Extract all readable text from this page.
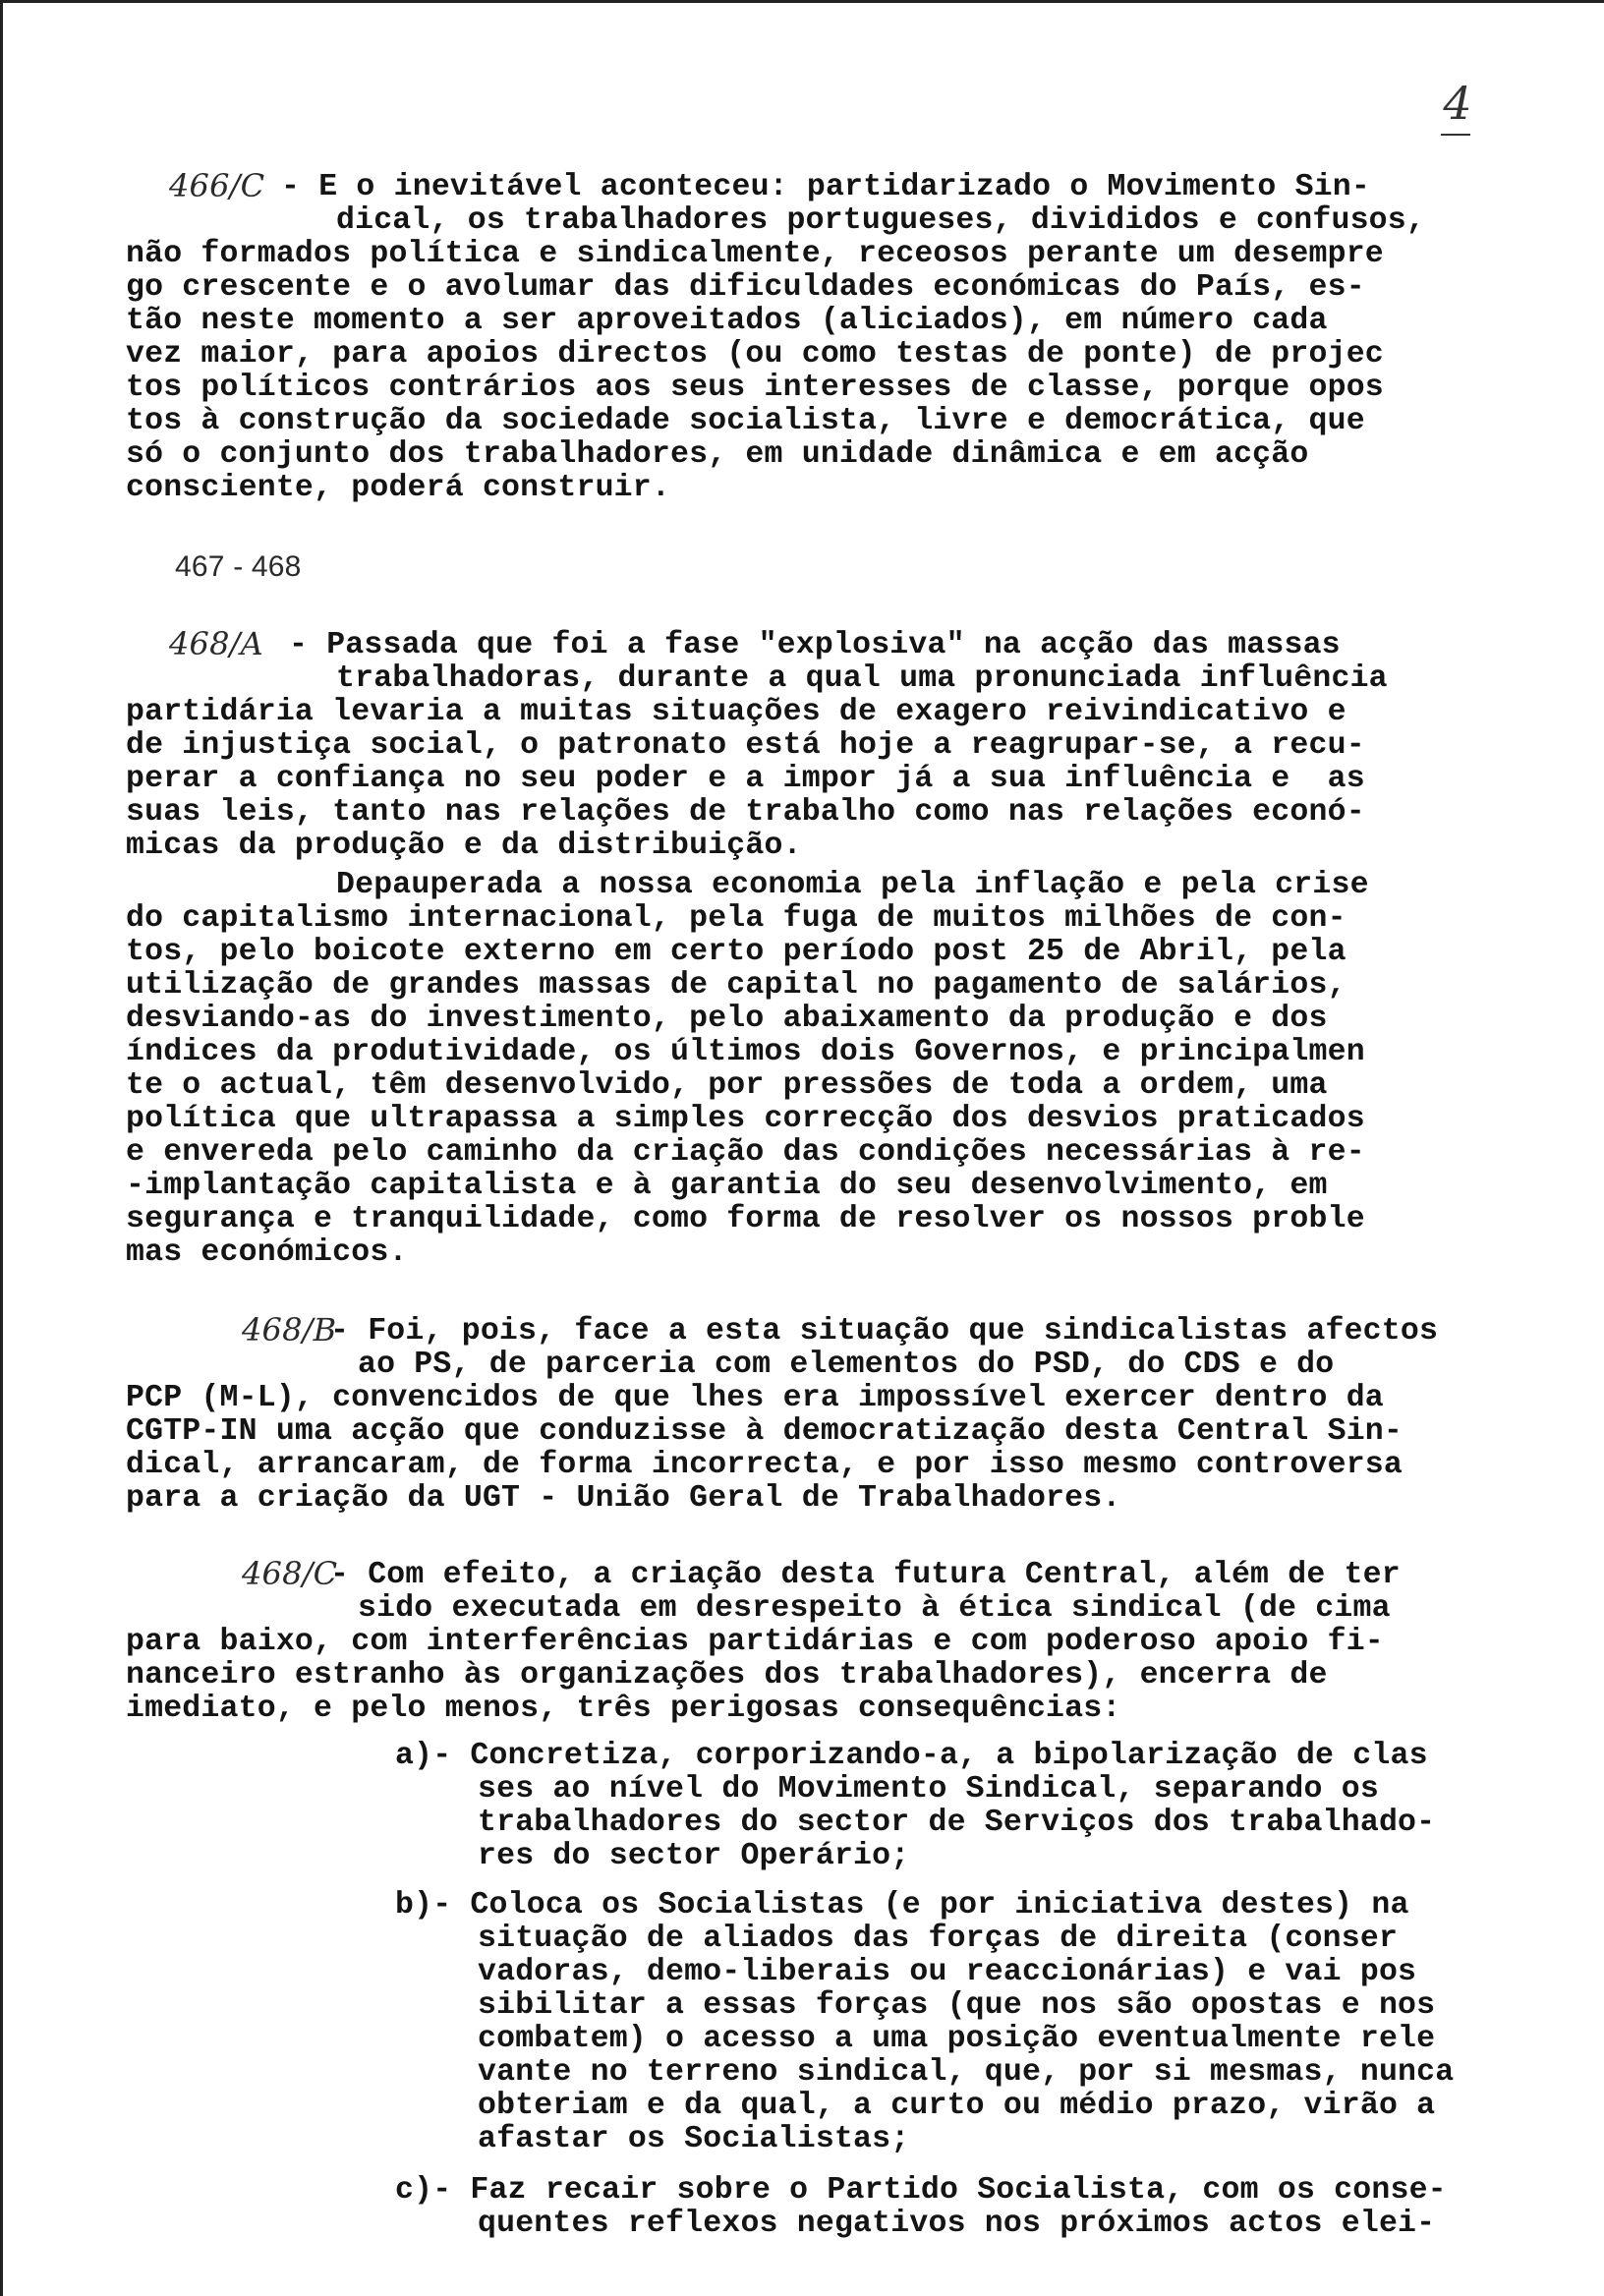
4
466/C - E o inevitável aconteceu: partidarizado o Movimento Sin-
dical, os trabalhadores portugueses, divididos e confusos,
não formados política e sindicalmente, receosos perante um desempre
go crescente e o avolumar das dificuldades económicas do País, es-
tão neste momento a ser aproveitados (aliciados), em número cada
vez maior, para apoios directos (ou como testas de ponte) de projec
tos políticos contrários aos seus interesses de classe, porque opos
tos à construção da sociedade socialista, livre e democrática, que
só o conjunto dos trabalhadores, em unidade dinâmica e em acção
consciente, poderá construir.
467 - 468
468/A - Passada que foi a fase "explosiva" na acção das massas
trabalhadoras, durante a qual uma pronunciada influência
partidária levaria a muitas situações de exagero reivindicativo e
de injustiça social, o patronato está hoje a reagrupar-se, a recu-
perar a confiança no seu poder e a impor já a sua influência e  as
suas leis, tanto nas relações de trabalho como nas relações econó-
micas da produção e da distribuição.
Depauperada a nossa economia pela inflação e pela crise
do capitalismo internacional, pela fuga de muitos milhões de con-
tos, pelo boicote externo em certo período post 25 de Abril, pela
utilização de grandes massas de capital no pagamento de salários,
desviando-as do investimento, pelo abaixamento da produção e dos
índices da produtividade, os últimos dois Governos, e principalmen
te o actual, têm desenvolvido, por pressões de toda a ordem, uma
política que ultrapassa a simples correcção dos desvios praticados
e enveredа pelo caminho da criação das condições necessárias à re-
-implantação capitalista e à garantia do seu desenvolvimento, em
segurança e tranquilidade, como forma de resolver os nossos proble
mas económicos.
468/B
- Foi, pois, face a esta situação que sindicalistas afectos
ao PS, de parceria com elementos do PSD, do CDS e do
PCP (M-L), convencidos de que lhes era impossível exercer dentro da
CGTP-IN uma acção que conduzisse à democratização desta Central Sin-
dical, arrancaram, de forma incorrecta, e por isso mesmo controversa
para a criação da UGT - União Geral de Trabalhadores.
468/C
- Com efeito, a criação desta futura Central, além de ter
sido executada em desrespeito à ética sindical (de cima
para baixo, com interferências partidárias e com poderoso apoio fi-
nanceiro estranho às organizações dos trabalhadores), encerra de
imediato, e pelo menos, três perigosas consequências:
a)- Concretiza, corporizando-a, a bipolarização de clas
ses ao nível do Movimento Sindical, separando os
trabalhadores do sector de Serviços dos trabalhado-
res do sector Operário;
b)- Coloca os Socialistas (e por iniciativa destes) na
situação de aliados das forças de direita (conser
vadoras, demo-liberais ou reaccionárias) e vai pos
sibilitar a essas forças (que nos são opostas e nos
combatem) o acesso a uma posição eventualmente rele
vante no terreno sindical, que, por si mesmas, nunca
obteriam e da qual, a curto ou médio prazo, virão a
afastar os Socialistas;
c)- Faz recair sobre o Partido Socialista, com os conse-
quentes reflexos negativos nos próximos actos elei-
